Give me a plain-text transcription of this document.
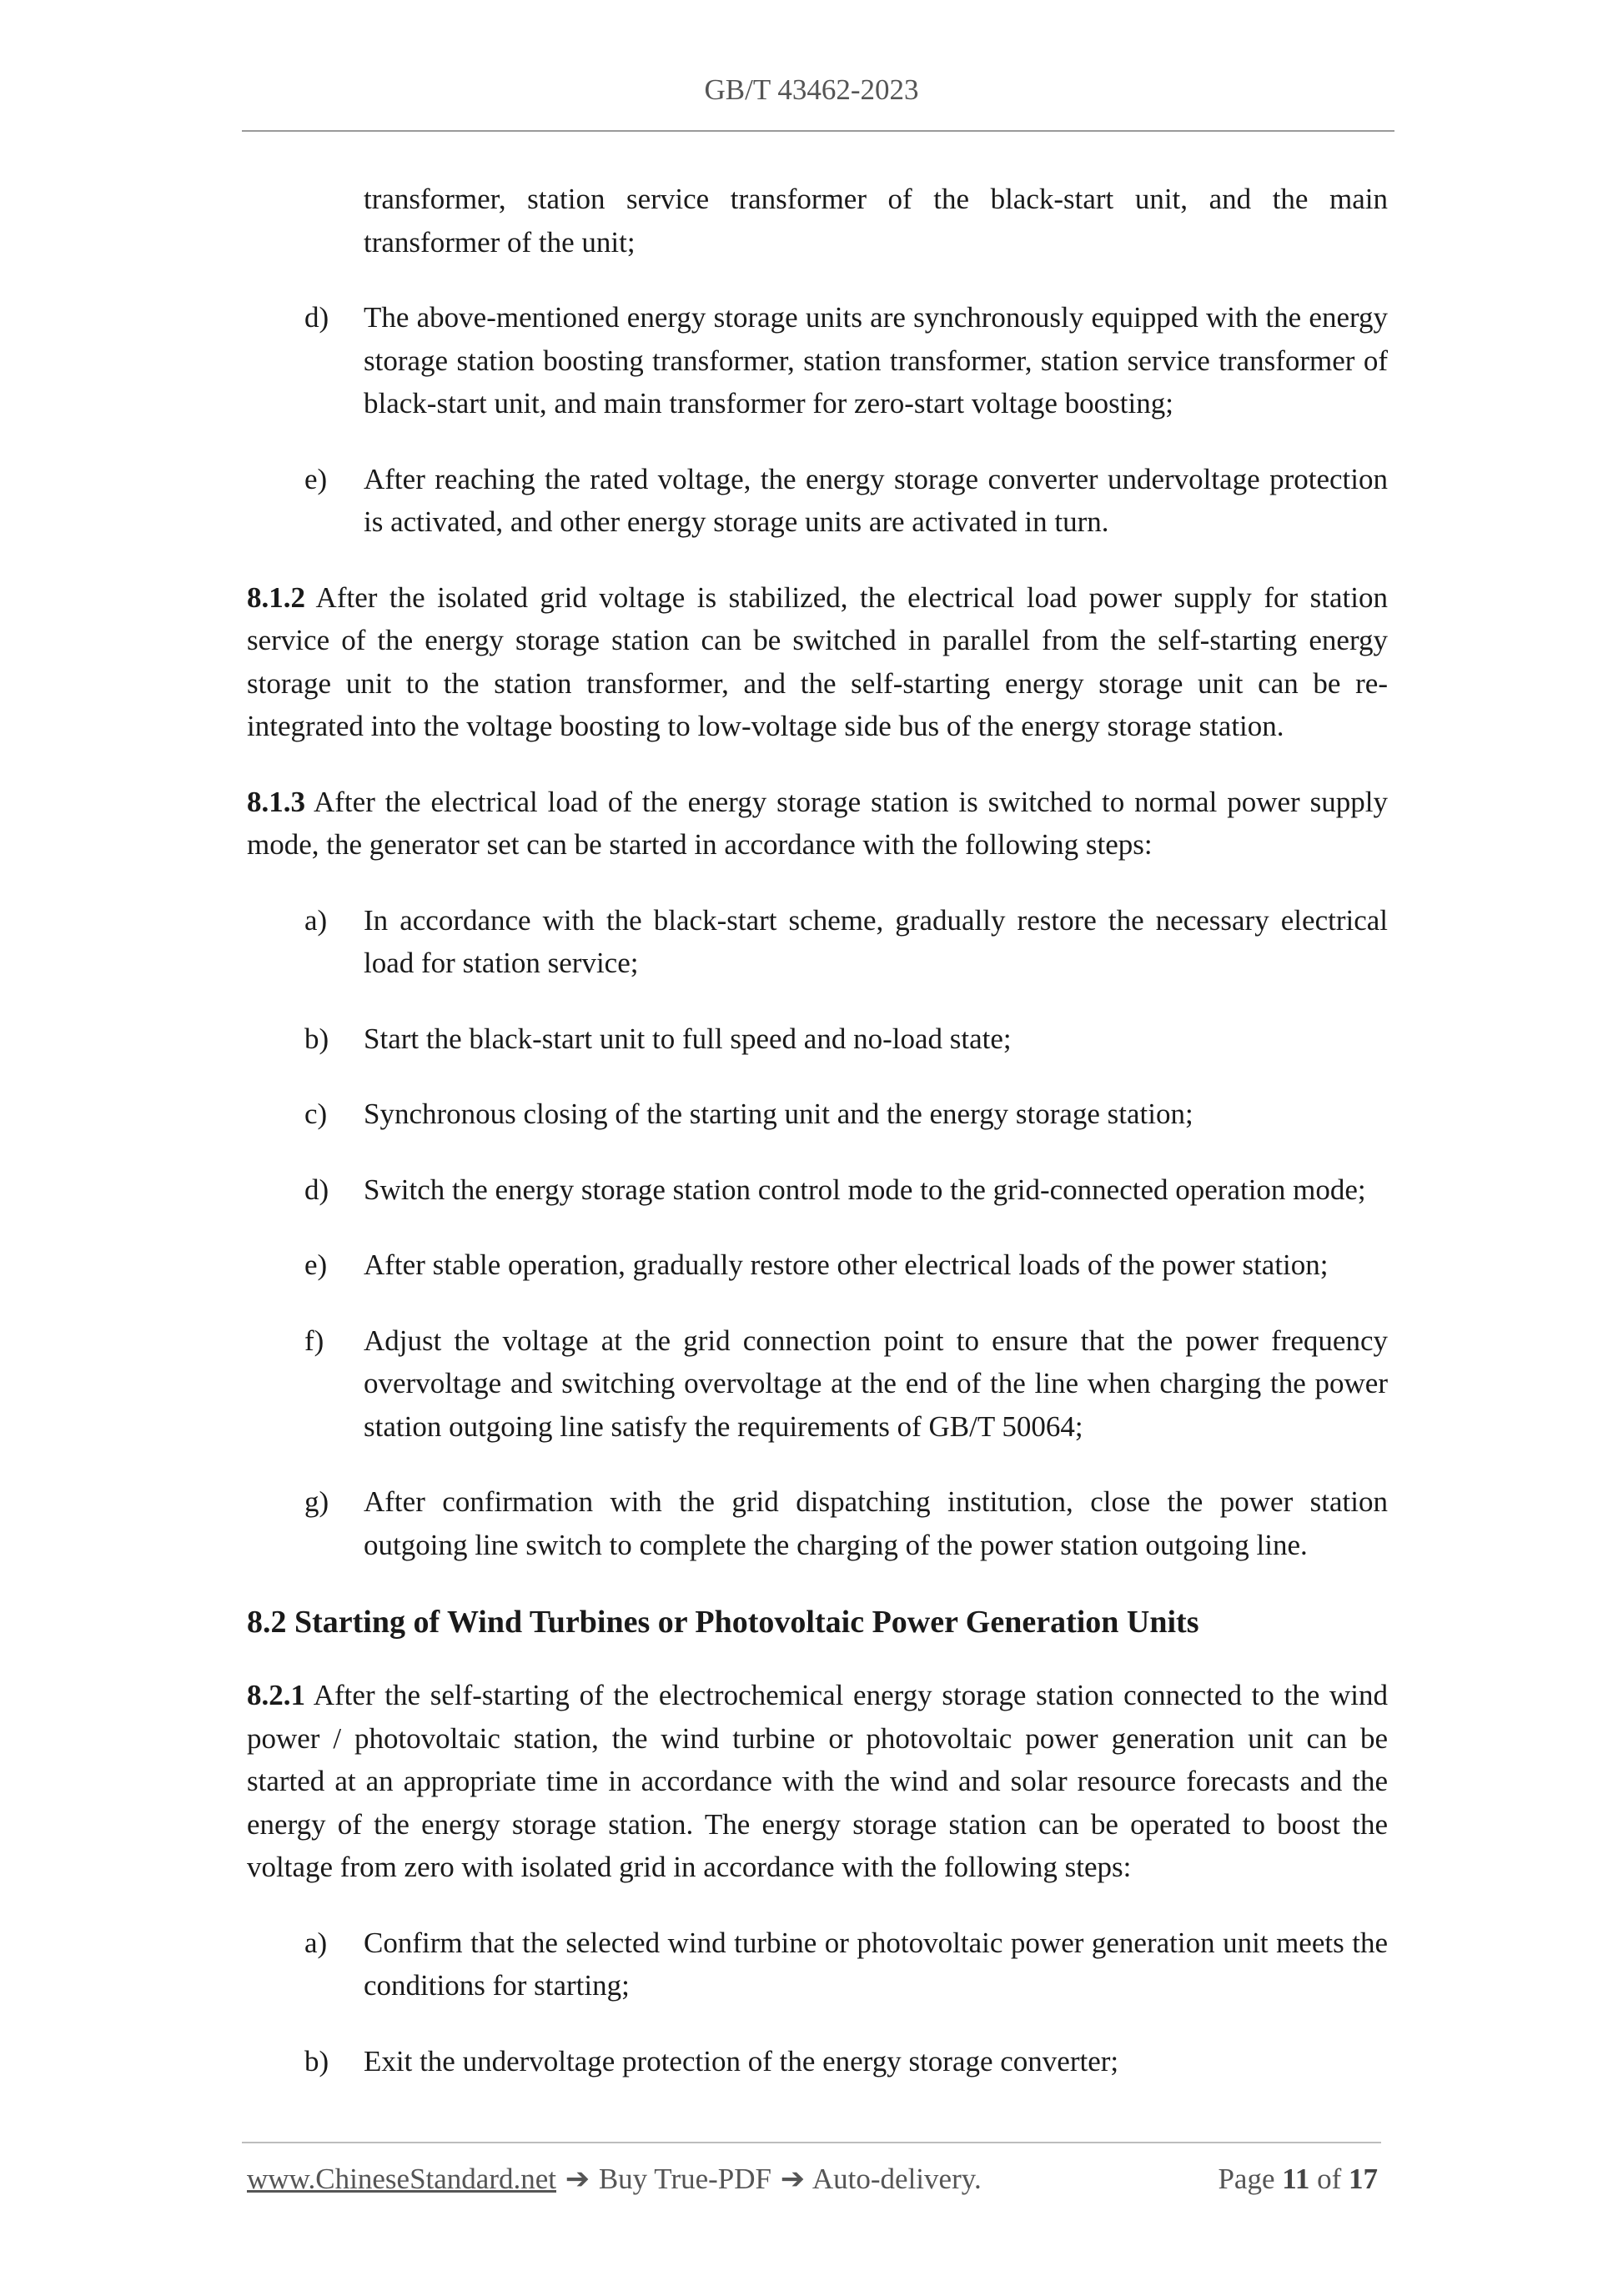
GB/T 43462-2023
transformer, station service transformer of the black-start unit, and the main transformer of the unit;
d) The above-mentioned energy storage units are synchronously equipped with the energy storage station boosting transformer, station transformer, station service transformer of black-start unit, and main transformer for zero-start voltage boosting;
e) After reaching the rated voltage, the energy storage converter undervoltage protection is activated, and other energy storage units are activated in turn.
8.1.2 After the isolated grid voltage is stabilized, the electrical load power supply for station service of the energy storage station can be switched in parallel from the self-starting energy storage unit to the station transformer, and the self-starting energy storage unit can be re-integrated into the voltage boosting to low-voltage side bus of the energy storage station.
8.1.3 After the electrical load of the energy storage station is switched to normal power supply mode, the generator set can be started in accordance with the following steps:
a) In accordance with the black-start scheme, gradually restore the necessary electrical load for station service;
b) Start the black-start unit to full speed and no-load state;
c) Synchronous closing of the starting unit and the energy storage station;
d) Switch the energy storage station control mode to the grid-connected operation mode;
e) After stable operation, gradually restore other electrical loads of the power station;
f) Adjust the voltage at the grid connection point to ensure that the power frequency overvoltage and switching overvoltage at the end of the line when charging the power station outgoing line satisfy the requirements of GB/T 50064;
g) After confirmation with the grid dispatching institution, close the power station outgoing line switch to complete the charging of the power station outgoing line.
8.2 Starting of Wind Turbines or Photovoltaic Power Generation Units
8.2.1 After the self-starting of the electrochemical energy storage station connected to the wind power / photovoltaic station, the wind turbine or photovoltaic power generation unit can be started at an appropriate time in accordance with the wind and solar resource forecasts and the energy of the energy storage station. The energy storage station can be operated to boost the voltage from zero with isolated grid in accordance with the following steps:
a) Confirm that the selected wind turbine or photovoltaic power generation unit meets the conditions for starting;
b) Exit the undervoltage protection of the energy storage converter;
www.ChineseStandard.net ➔ Buy True-PDF ➔ Auto-delivery.	Page 11 of 17
